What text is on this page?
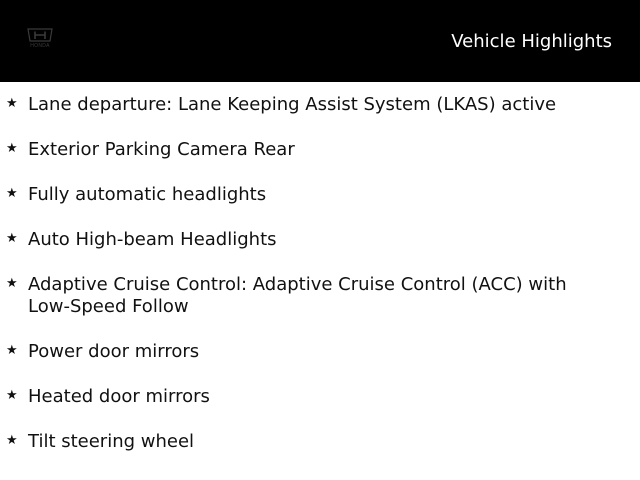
HONDA	Vehicle Highlights
★ Lane departure: Lane Keeping Assist System (LKAS) active
★ Exterior Parking Camera Rear
★ Fully automatic headlights
★ Auto High-beam Headlights
★ Adaptive Cruise Control: Adaptive Cruise Control (ACC) with Low-Speed Follow
★ Power door mirrors
★ Heated door mirrors
★ Tilt steering wheel
